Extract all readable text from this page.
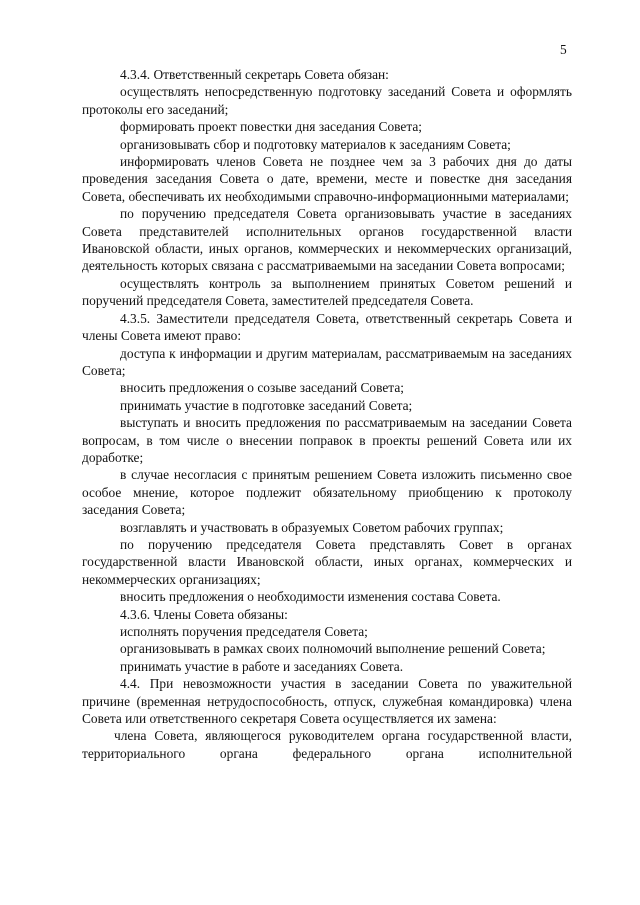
5

4.3.4. Ответственный секретарь Совета обязан:

осуществлять непосредственную подготовку заседаний Совета и оформлять протоколы его заседаний;

формировать проект повестки дня заседания Совета;

организовывать сбор и подготовку материалов к заседаниям Совета;

информировать членов Совета не позднее чем за 3 рабочих дня до даты проведения заседания Совета о дате, времени, месте и повестке дня заседания Совета, обеспечивать их необходимыми справочно-информационными материалами;

по поручению председателя Совета организовывать участие в заседаниях Совета представителей исполнительных органов государственной власти Ивановской области, иных органов, коммерческих и некоммерческих организаций, деятельность которых связана с рассматриваемыми на заседании Совета вопросами;

осуществлять контроль за выполнением принятых Советом решений и поручений председателя Совета, заместителей председателя Совета.

4.3.5. Заместители председателя Совета, ответственный секретарь Совета и члены Совета имеют право:

доступа к информации и другим материалам, рассматриваемым на заседаниях Совета;

вносить предложения о созыве заседаний Совета;

принимать участие в подготовке заседаний Совета;

выступать и вносить предложения по рассматриваемым на заседании Совета вопросам, в том числе о внесении поправок в проекты решений Совета или их доработке;

в случае несогласия с принятым решением Совета изложить письменно свое особое мнение, которое подлежит обязательному приобщению к протоколу заседания Совета;

возглавлять и участвовать в образуемых Советом рабочих группах;

по поручению председателя Совета представлять Совет в органах государственной власти Ивановской области, иных органах, коммерческих и некоммерческих организациях;

вносить предложения о необходимости изменения состава Совета.

4.3.6. Члены Совета обязаны:

исполнять поручения председателя Совета;

организовывать в рамках своих полномочий выполнение решений Совета;

принимать участие в работе и заседаниях Совета.

4.4. При невозможности участия в заседании Совета по уважительной причине (временная нетрудоспособность, отпуск, служебная командировка) члена Совета или ответственного секретаря Совета осуществляется их замена:

члена Совета, являющегося руководителем органа государственной власти, территориального органа федерального органа исполнительной
